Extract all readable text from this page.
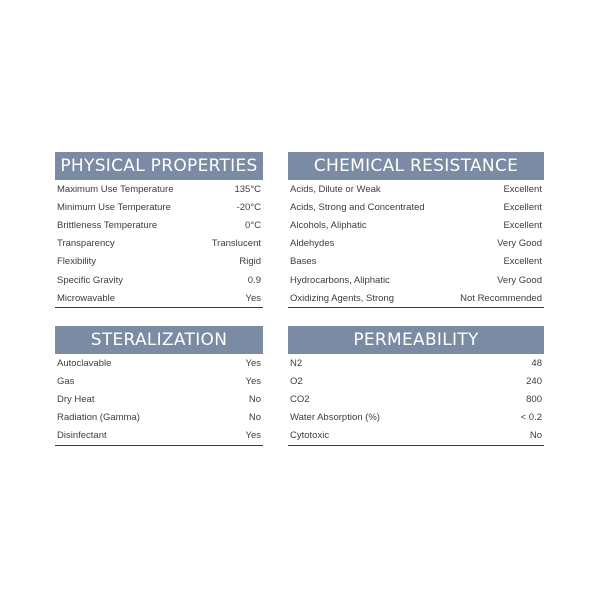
PHYSICAL PROPERTIES
Maximum Use Temperature	135°C
Minimum Use Temperature	-20°C
Brittleness Temperature	0°C
Transparency	Translucent
Flexibility	Rigid
Specific Gravity	0.9
Microwavable	Yes
CHEMICAL RESISTANCE
Acids, Dilute or Weak	Excellent
Acids, Strong and Concentrated	Excellent
Alcohols, Aliphatic	Excellent
Aldehydes	Very Good
Bases	Excellent
Hydrocarbons, Aliphatic	Very Good
Oxidizing Agents, Strong	Not Recommended
STERALIZATION
Autoclavable	Yes
Gas	Yes
Dry Heat	No
Radiation (Gamma)	No
Disinfectant	Yes
PERMEABILITY
N2	48
O2	240
CO2	800
Water Absorption (%)	< 0.2
Cytotoxic	No
